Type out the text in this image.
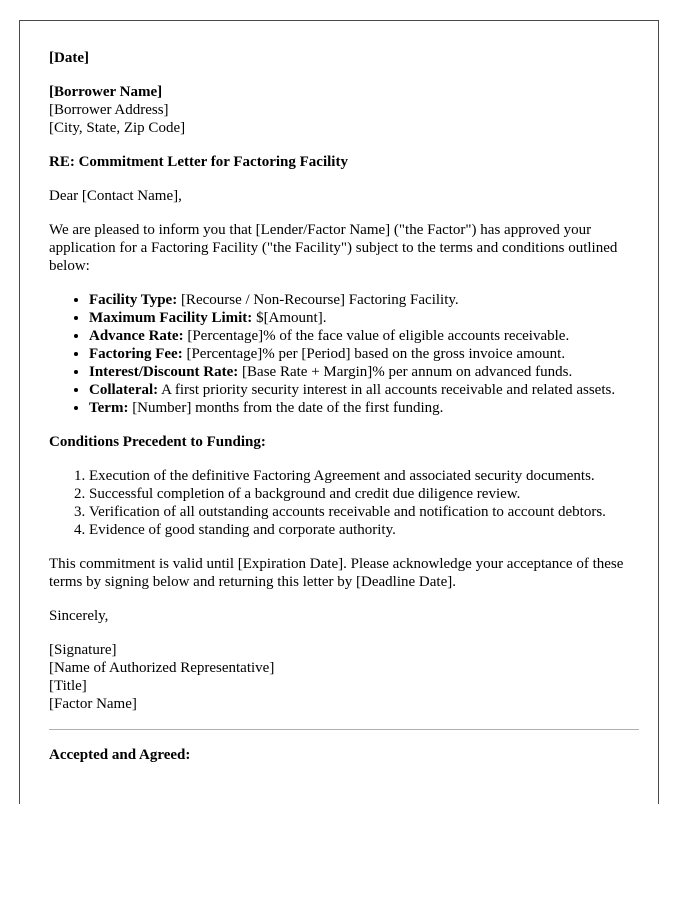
[Date]

[Borrower Name]

[Borrower Address]

[City, State, Zip Code]

RE: Commitment Letter for Factoring Facility

Dear [Contact Name],

We are pleased to inform you that [Lender/Factor Name] ("the Factor") has approved your application for a Factoring Facility ("the Facility") subject to the terms and conditions outlined below:

• Facility Type: [Recourse / Non-Recourse] Factoring Facility.
• Maximum Facility Limit: $[Amount].
• Advance Rate: [Percentage]% of the face value of eligible accounts receivable.
• Factoring Fee: [Percentage]% per [Period] based on the gross invoice amount.
• Interest/Discount Rate: [Base Rate + Margin]% per annum on advanced funds.
• Collateral: A first priority security interest in all accounts receivable and related assets.
• Term: [Number] months from the date of the first funding.

Conditions Precedent to Funding:

1. Execution of the definitive Factoring Agreement and associated security documents.
2. Successful completion of a background and credit due diligence review.
3. Verification of all outstanding accounts receivable and notification to account debtors.
4. Evidence of good standing and corporate authority.

This commitment is valid until [Expiration Date]. Please acknowledge your acceptance of these terms by signing below and returning this letter by [Deadline Date].

Sincerely,

[Signature]

[Name of Authorized Representative]

[Title]

[Factor Name]

Accepted and Agreed:
